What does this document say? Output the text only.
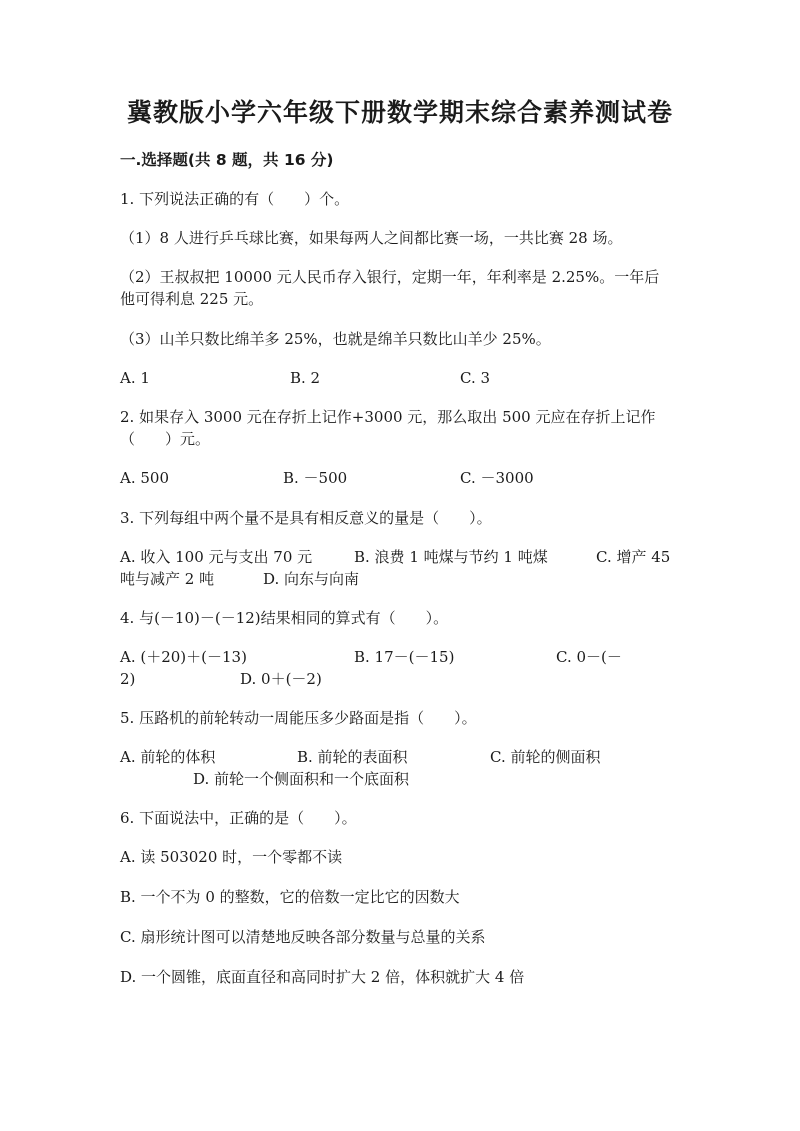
冀教版小学六年级下册数学期末综合素养测试卷
一.选择题(共 8 题，共 16 分)
1. 下列说法正确的有（　　）个。
（1）8 人进行乒乓球比赛，如果每两人之间都比赛一场，一共比赛 28 场。
（2）王叔叔把 10000 元人民币存入银行，定期一年，年利率是 2.25%。一年后
他可得利息 225 元。
（3）山羊只数比绵羊多 25%，也就是绵羊只数比山羊少 25%。
A. 1	B. 2	C. 3
2. 如果存入 3000 元在存折上记作+3000 元，那么取出 500 元应在存折上记作
（　　）元。
A. 500	B. －500	C. －3000
3. 下列每组中两个量不是具有相反意义的量是（　　）。
A. 收入 100 元与支出 70 元	B. 浪费 1 吨煤与节约 1 吨煤	C. 增产 45
吨与减产 2 吨	D. 向东与向南
4. 与(－10)－(－12)结果相同的算式有（　　）。
A. (＋20)＋(－13)	B. 17－(－15)	C. 0－(－
2)	D. 0＋(－2)
5. 压路机的前轮转动一周能压多少路面是指（　　）。
A. 前轮的体积	B. 前轮的表面积	C. 前轮的侧面积
D. 前轮一个侧面积和一个底面积
6. 下面说法中，正确的是（　　）。
A. 读 503020 时，一个零都不读
B. 一个不为 0 的整数，它的倍数一定比它的因数大
C. 扇形统计图可以清楚地反映各部分数量与总量的关系
D. 一个圆锥，底面直径和高同时扩大 2 倍，体积就扩大 4 倍
